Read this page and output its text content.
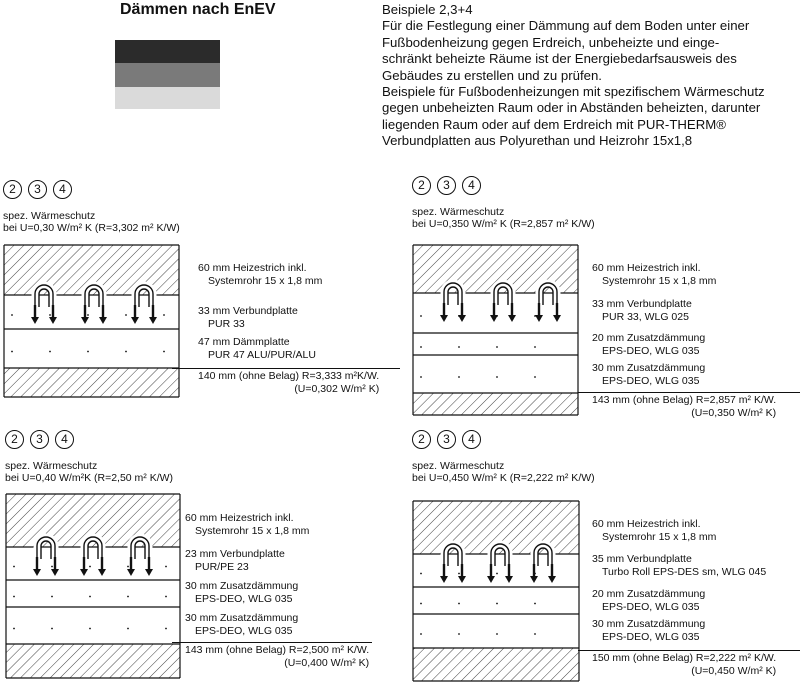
Dämmen nach EnEV	Beispiele 2,3+4
Für die Festlegung einer Dämmung auf dem Boden unter einer
Fußbodenheizung gegen Erdreich, unbeheizte und einge-
schränkt beheizte Räume ist der Energiebedarfsausweis des
Gebäudes zu erstellen und zu prüfen.
Beispiele für Fußbodenheizungen mit spezifischem Wärmeschutz
gegen unbeheizten Raum oder in Abständen beheizten, darunter
liegenden Raum oder auf dem Erdreich mit PUR-THERM®
Verbundplatten aus Polyurethan und Heizrohr 15x1,8
2	3	4
spez. Wärmeschutz
bei U=0,30 W/m² K (R=3,302 m² K/W)
60 mm Heizestrich inkl.
Systemrohr 15 x 1,8 mm
33 mm Verbundplatte
PUR 33
47 mm Dämmplatte
PUR 47 ALU/PUR/ALU
140 mm (ohne Belag) R=3,333 m²K/W.
(U=0,302 W/m² K)
2	3	4
spez. Wärmeschutz
bei U=0,350 W/m² K (R=2,857 m² K/W)
60 mm Heizestrich inkl.
Systemrohr 15 x 1,8 mm
33 mm Verbundplatte
PUR 33, WLG 025
20 mm Zusatzdämmung
EPS-DEO, WLG 035
30 mm Zusatzdämmung
EPS-DEO, WLG 035
143 mm (ohne Belag) R=2,857 m² K/W.
(U=0,350 W/m² K)
2	3	4
spez. Wärmeschutz
bei U=0,40 W/m²K (R=2,50 m² K/W)
60 mm Heizestrich inkl.
Systemrohr 15 x 1,8 mm
23 mm Verbundplatte
PUR/PE 23
30 mm Zusatzdämmung
EPS-DEO, WLG 035
30 mm Zusatzdämmung
EPS-DEO, WLG 035
143 mm (ohne Belag) R=2,500 m² K/W.
(U=0,400 W/m² K)
2	3	4
spez. Wärmeschutz
bei U=0,450 W/m² K (R=2,222 m² K/W)
60 mm Heizestrich inkl.
Systemrohr 15 x 1,8 mm
35 mm Verbundplatte
Turbo Roll EPS-DES sm, WLG 045
20 mm Zusatzdämmung
EPS-DEO, WLG 035
30 mm Zusatzdämmung
EPS-DEO, WLG 035
150 mm (ohne Belag) R=2,222 m² K/W.
(U=0,450 W/m² K)
